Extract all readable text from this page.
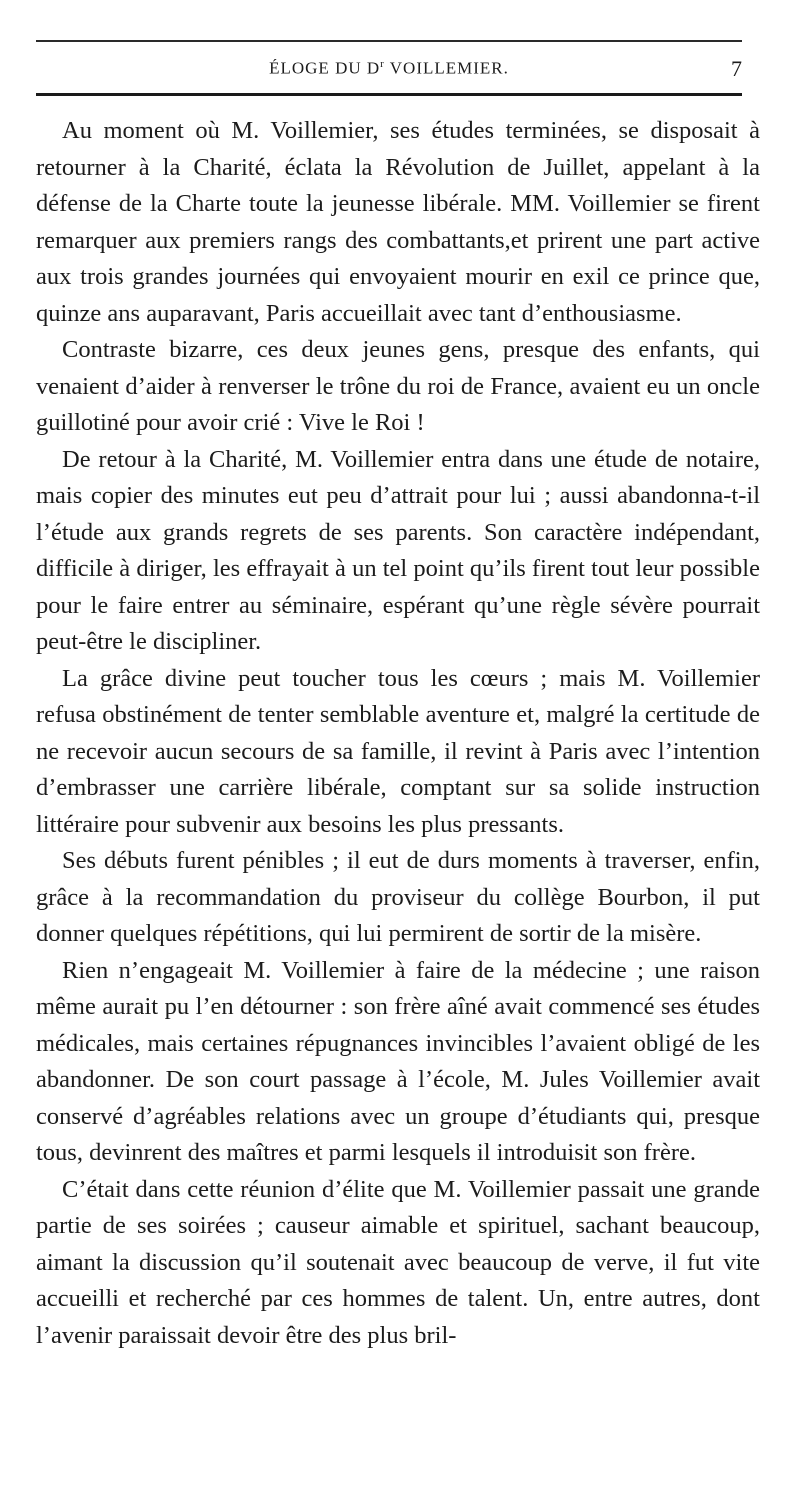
ÉLOGE DU $D^r$ VOILLEMIER.	7

Au moment où M. Voillemier, ses études terminées, se disposait à retourner à la Charité, éclata la Révolution de Juillet, appelant à la défense de la Charte toute la jeunesse libérale. MM. Voillemier se firent remarquer aux premiers rangs des combattants,et prirent une part active aux trois grandes journées qui envoyaient mourir en exil ce prince que, quinze ans auparavant, Paris accueillait avec tant d’enthousiasme.

Contraste bizarre, ces deux jeunes gens, presque des enfants, qui venaient d’aider à renverser le trône du roi de France, avaient eu un oncle guillotiné pour avoir crié : Vive le Roi !

De retour à la Charité, M. Voillemier entra dans une étude de notaire, mais copier des minutes eut peu d’attrait pour lui ; aussi abandonna-t-il l’étude aux grands regrets de ses parents. Son caractère indépendant, difficile à diriger, les effrayait à un tel point qu’ils firent tout leur possible pour le faire entrer au séminaire, espérant qu’une règle sévère pourrait peut-être le discipliner.

La grâce divine peut toucher tous les cœurs ; mais M. Voillemier refusa obstinément de tenter semblable aventure et, malgré la certitude de ne recevoir aucun secours de sa famille, il revint à Paris avec l’intention d’embrasser une carrière libérale, comptant sur sa solide instruction littéraire pour subvenir aux besoins les plus pressants.

Ses débuts furent pénibles ; il eut de durs moments à traverser, enfin, grâce à la recommandation du proviseur du collège Bourbon, il put donner quelques répétitions, qui lui permirent de sortir de la misère.

Rien n’engageait M. Voillemier à faire de la médecine ; une raison même aurait pu l’en détourner : son frère aîné avait commencé ses études médicales, mais certaines répugnances invincibles l’avaient obligé de les abandonner. De son court passage à l’école, M. Jules Voillemier avait conservé d’agréables relations avec un groupe d’étudiants qui, presque tous, devinrent des maîtres et parmi lesquels il introduisit son frère.

C’était dans cette réunion d’élite que M. Voillemier passait une grande partie de ses soirées ; causeur aimable et spirituel, sachant beaucoup, aimant la discussion qu’il soutenait avec beaucoup de verve, il fut vite accueilli et recherché par ces hommes de talent. Un, entre autres, dont l’avenir paraissait devoir être des plus bril-
